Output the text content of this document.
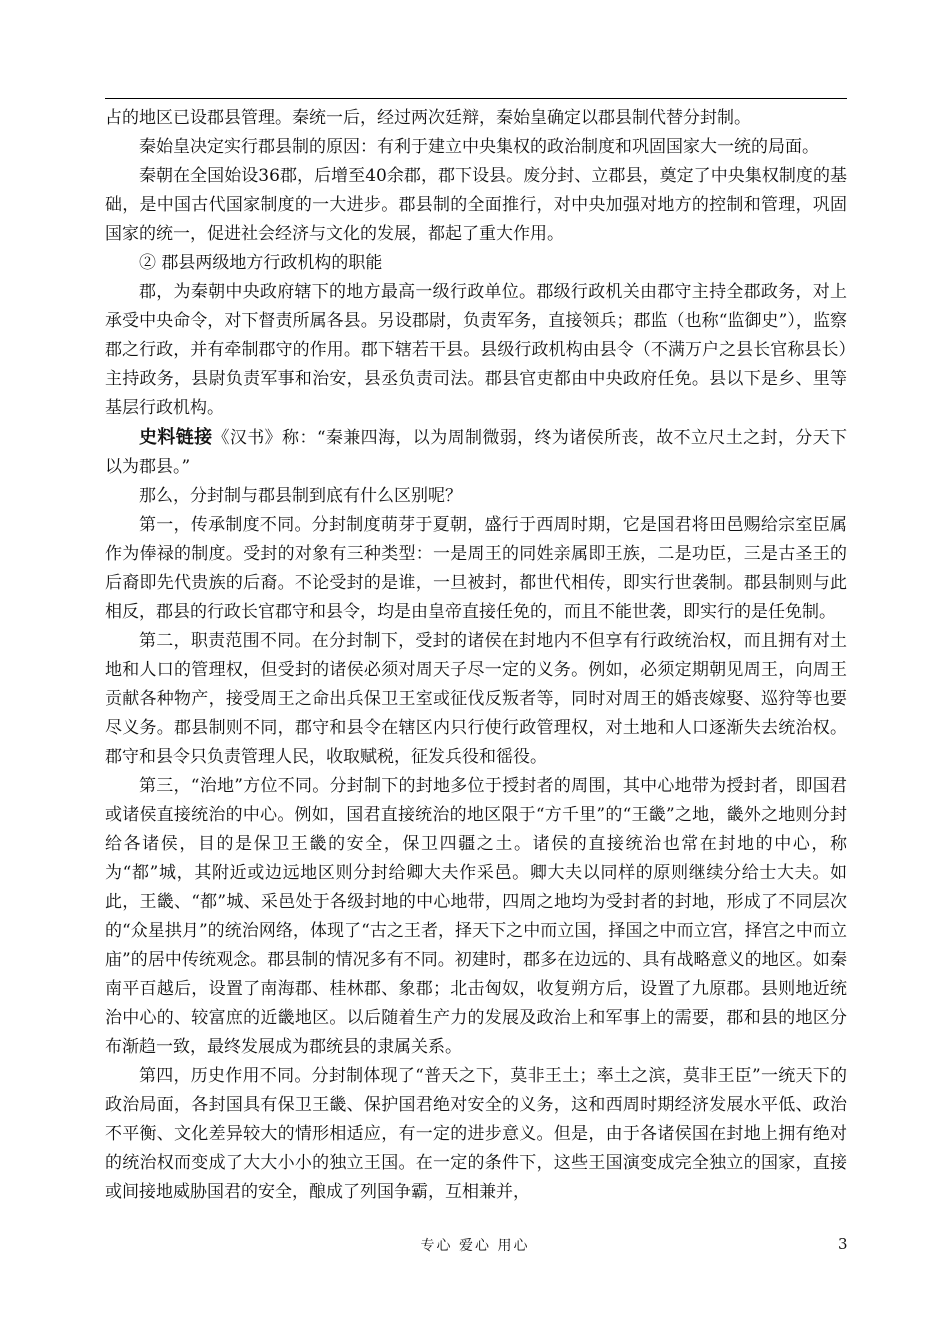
占的地区已设郡县管理。秦统一后，经过两次廷辩，秦始皇确定以郡县制代替分封制。

秦始皇决定实行郡县制的原因：有利于建立中央集权的政治制度和巩固国家大一统的局面。

秦朝在全国始设36郡，后增至40余郡，郡下设县。废分封、立郡县，奠定了中央集权制度的基础，是中国古代国家制度的一大进步。郡县制的全面推行，对中央加强对地方的控制和管理，巩固国家的统一，促进社会经济与文化的发展，都起了重大作用。

② 郡县两级地方行政机构的职能

郡，为秦朝中央政府辖下的地方最高一级行政单位。郡级行政机关由郡守主持全郡政务，对上承受中央命令，对下督责所属各县。另设郡尉，负责军务，直接领兵；郡监（也称“监御史”），监察郡之行政，并有牵制郡守的作用。郡下辖若干县。县级行政机构由县令（不满万户之县长官称县长）主持政务，县尉负责军事和治安，县丞负责司法。郡县官吏都由中央政府任免。县以下是乡、里等基层行政机构。

史料链接《汉书》称：“秦兼四海，以为周制微弱，终为诸侯所丧，故不立尺土之封，分天下以为郡县。”

那么，分封制与郡县制到底有什么区别呢？

第一，传承制度不同。分封制度萌芽于夏朝，盛行于西周时期，它是国君将田邑赐给宗室臣属作为俸禄的制度。受封的对象有三种类型：一是周王的同姓亲属即王族，二是功臣，三是古圣王的后裔即先代贵族的后裔。不论受封的是谁，一旦被封，都世代相传，即实行世袭制。郡县制则与此相反，郡县的行政长官郡守和县令，均是由皇帝直接任免的，而且不能世袭，即实行的是任免制。

第二，职责范围不同。在分封制下，受封的诸侯在封地内不但享有行政统治权，而且拥有对土地和人口的管理权，但受封的诸侯必须对周天子尽一定的义务。例如，必须定期朝见周王，向周王贡献各种物产，接受周王之命出兵保卫王室或征伐反叛者等，同时对周王的婚丧嫁娶、巡狩等也要尽义务。郡县制则不同，郡守和县令在辖区内只行使行政管理权，对土地和人口逐渐失去统治权。郡守和县令只负责管理人民，收取赋税，征发兵役和徭役。

第三，“治地”方位不同。分封制下的封地多位于授封者的周围，其中心地带为授封者，即国君或诸侯直接统治的中心。例如，国君直接统治的地区限于“方千里”的“王畿”之地，畿外之地则分封给各诸侯，目的是保卫王畿的安全，保卫四疆之土。诸侯的直接统治也常在封地的中心，称为“都”城，其附近或边远地区则分封给卿大夫作采邑。卿大夫以同样的原则继续分给士大夫。如此，王畿、“都”城、采邑处于各级封地的中心地带，四周之地均为受封者的封地，形成了不同层次的“众星拱月”的统治网络，体现了“古之王者，择天下之中而立国，择国之中而立宫，择宫之中而立庙”的居中传统观念。郡县制的情况多有不同。初建时，郡多在边远的、具有战略意义的地区。如秦南平百越后，设置了南海郡、桂林郡、象郡；北击匈奴，收复朔方后，设置了九原郡。县则地近统治中心的、较富庶的近畿地区。以后随着生产力的发展及政治上和军事上的需要，郡和县的地区分布渐趋一致，最终发展成为郡统县的隶属关系。

第四，历史作用不同。分封制体现了“普天之下，莫非王土；率土之滨，莫非王臣”一统天下的政治局面，各封国具有保卫王畿、保护国君绝对安全的义务，这和西周时期经济发展水平低、政治不平衡、文化差异较大的情形相适应，有一定的进步意义。但是，由于各诸侯国在封地上拥有绝对的统治权而变成了大大小小的独立王国。在一定的条件下，这些王国演变成完全独立的国家，直接或间接地威胁国君的安全，酿成了列国争霸，互相兼并，

专心 爱心 用心	3
